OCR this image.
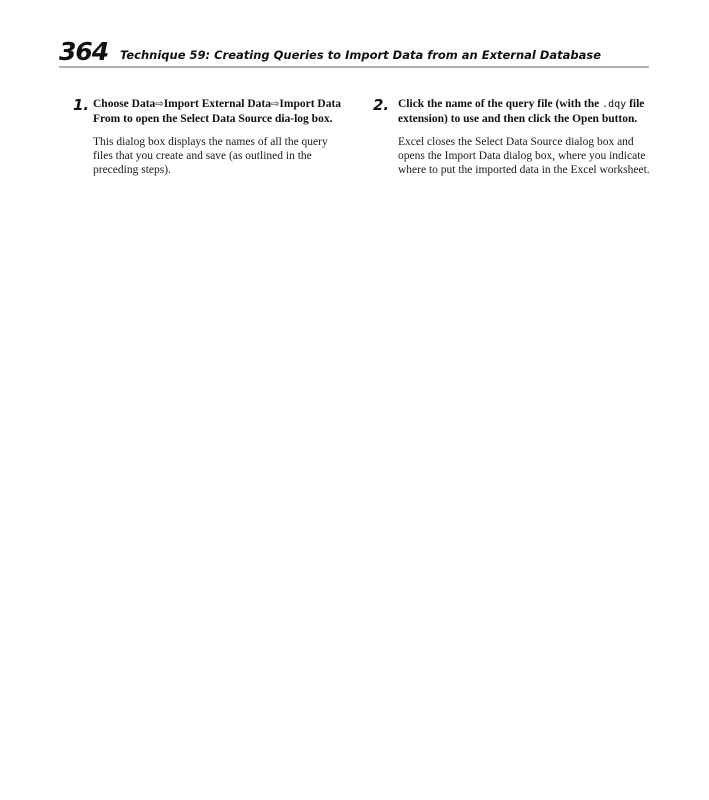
364 Technique 59: Creating Queries to Import Data from an External Database
1. Choose Data⇨Import External Data⇨Import Data From to open the Select Data Source dia-log box.

This dialog box displays the names of all the query files that you create and save (as outlined in the preceding steps).

2. Click the name of the query file (with the .dqy file extension) to use and then click the Open button.

Excel closes the Select Data Source dialog box and opens the Import Data dialog box, where you indicate where to put the imported data in the Excel worksheet.
